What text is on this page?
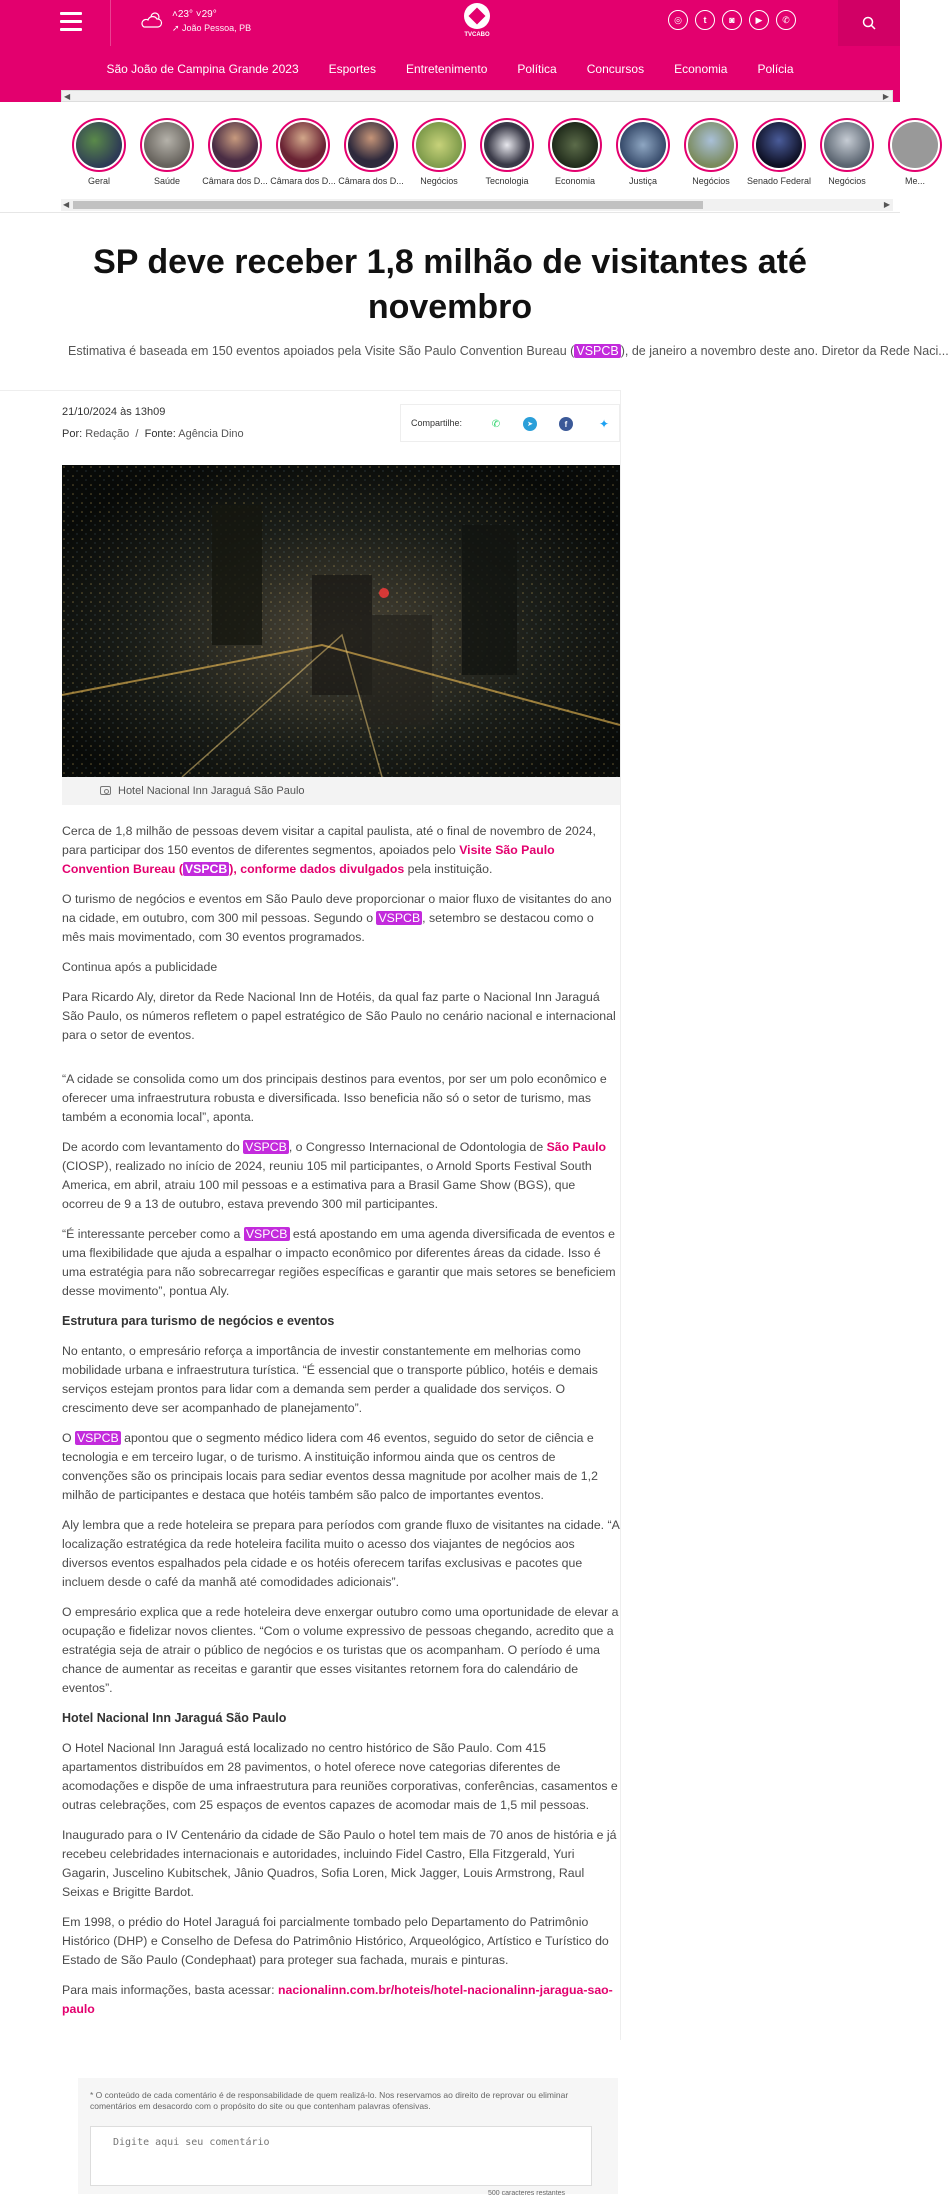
˄23° ˅29°
➚ João Pessoa, PB
TVCABO
◎	t	◙	▶	✆
São João de Campina Grande 2023	Esportes	Entretenimento	Política	Concursos	Economia	Polícia
◀	▶
Geral	Saúde	Câmara dos D... Câmara dos D... Câmara dos D...	Negócios	Tecnologia	Economia	Justiça	Negócios	Senado Federal	Negócios	Me...
◀	▶
SP deve receber 1,8 milhão de visitantes até novembro
Estimativa é baseada em 150 eventos apoiados pela Visite São Paulo Convention Bureau ( VSPCB ), de janeiro a novembro deste ano. Diretor da Rede Naci...
21/10/2024 às 13h09
Por: Redação  /  Fonte: Agência Dino
Compartilhe:	✆	➤	f	✦
Hotel Nacional Inn Jaraguá São Paulo

Cerca de 1,8 milhão de pessoas devem visitar a capital paulista, até o final de novembro de 2024, para participar dos 150 eventos de diferentes segmentos, apoiados pelo Visite São Paulo Convention Bureau ( VSPCB ), conforme dados divulgados pela instituição.

O turismo de negócios e eventos em São Paulo deve proporcionar o maior fluxo de visitantes do ano na cidade, em outubro, com 300 mil pessoas. Segundo o VSPCB , setembro se destacou como o mês mais movimentado, com 30 eventos programados.

Continua após a publicidade

Para Ricardo Aly, diretor da Rede Nacional Inn de Hotéis, da qual faz parte o Nacional Inn Jaraguá São Paulo, os números refletem o papel estratégico de São Paulo no cenário nacional e internacional para o setor de eventos.

“A cidade se consolida como um dos principais destinos para eventos, por ser um polo econômico e oferecer uma infraestrutura robusta e diversificada. Isso beneficia não só o setor de turismo, mas também a economia local”, aponta.

De acordo com levantamento do VSPCB , o Congresso Internacional de Odontologia de São Paulo (CIOSP), realizado no início de 2024, reuniu 105 mil participantes, o Arnold Sports Festival South America, em abril, atraiu 100 mil pessoas e a estimativa para a Brasil Game Show (BGS), que ocorreu de 9 a 13 de outubro, estava prevendo 300 mil participantes.

“É interessante perceber como a VSPCB está apostando em uma agenda diversificada de eventos e uma flexibilidade que ajuda a espalhar o impacto econômico por diferentes áreas da cidade. Isso é uma estratégia para não sobrecarregar regiões específicas e garantir que mais setores se beneficiem desse movimento”, pontua Aly.

Estrutura para turismo de negócios e eventos

No entanto, o empresário reforça a importância de investir constantemente em melhorias como mobilidade urbana e infraestrutura turística. “É essencial que o transporte público, hotéis e demais serviços estejam prontos para lidar com a demanda sem perder a qualidade dos serviços. O crescimento deve ser acompanhado de planejamento”.

O VSPCB apontou que o segmento médico lidera com 46 eventos, seguido do setor de ciência e tecnologia e em terceiro lugar, o de turismo. A instituição informou ainda que os centros de convenções são os principais locais para sediar eventos dessa magnitude por acolher mais de 1,2 milhão de participantes e destaca que hotéis também são palco de importantes eventos.

Aly lembra que a rede hoteleira se prepara para períodos com grande fluxo de visitantes na cidade. “A localização estratégica da rede hoteleira facilita muito o acesso dos viajantes de negócios aos diversos eventos espalhados pela cidade e os hotéis oferecem tarifas exclusivas e pacotes que incluem desde o café da manhã até comodidades adicionais”.

O empresário explica que a rede hoteleira deve enxergar outubro como uma oportunidade de elevar a ocupação e fidelizar novos clientes. “Com o volume expressivo de pessoas chegando, acredito que a estratégia seja de atrair o público de negócios e os turistas que os acompanham. O período é uma chance de aumentar as receitas e garantir que esses visitantes retornem fora do calendário de eventos”.

Hotel Nacional Inn Jaraguá São Paulo

O Hotel Nacional Inn Jaraguá está localizado no centro histórico de São Paulo. Com 415 apartamentos distribuídos em 28 pavimentos, o hotel oferece nove categorias diferentes de acomodações e dispõe de uma infraestrutura para reuniões corporativas, conferências, casamentos e outras celebrações, com 25 espaços de eventos capazes de acomodar mais de 1,5 mil pessoas.

Inaugurado para o IV Centenário da cidade de São Paulo o hotel tem mais de 70 anos de história e já recebeu celebridades internacionais e autoridades, incluindo Fidel Castro, Ella Fitzgerald, Yuri Gagarin, Juscelino Kubitschek, Jânio Quadros, Sofia Loren, Mick Jagger, Louis Armstrong, Raul Seixas e Brigitte Bardot.

Em 1998, o prédio do Hotel Jaraguá foi parcialmente tombado pelo Departamento do Patrimônio Histórico (DHP) e Conselho de Defesa do Patrimônio Histórico, Arqueológico, Artístico e Turístico do Estado de São Paulo (Condephaat) para proteger sua fachada, murais e pinturas.

Para mais informações, basta acessar: nacionalinn.com.br/hoteis/hotel-nacionalinn-jaragua-sao-paulo

* O conteúdo de cada comentário é de responsabilidade de quem realizá-lo. Nos reservamos ao direito de reprovar ou eliminar comentários em desacordo com o propósito do site ou que contenham palavras ofensivas.
Digite aqui seu comentário
500 caracteres restantes
